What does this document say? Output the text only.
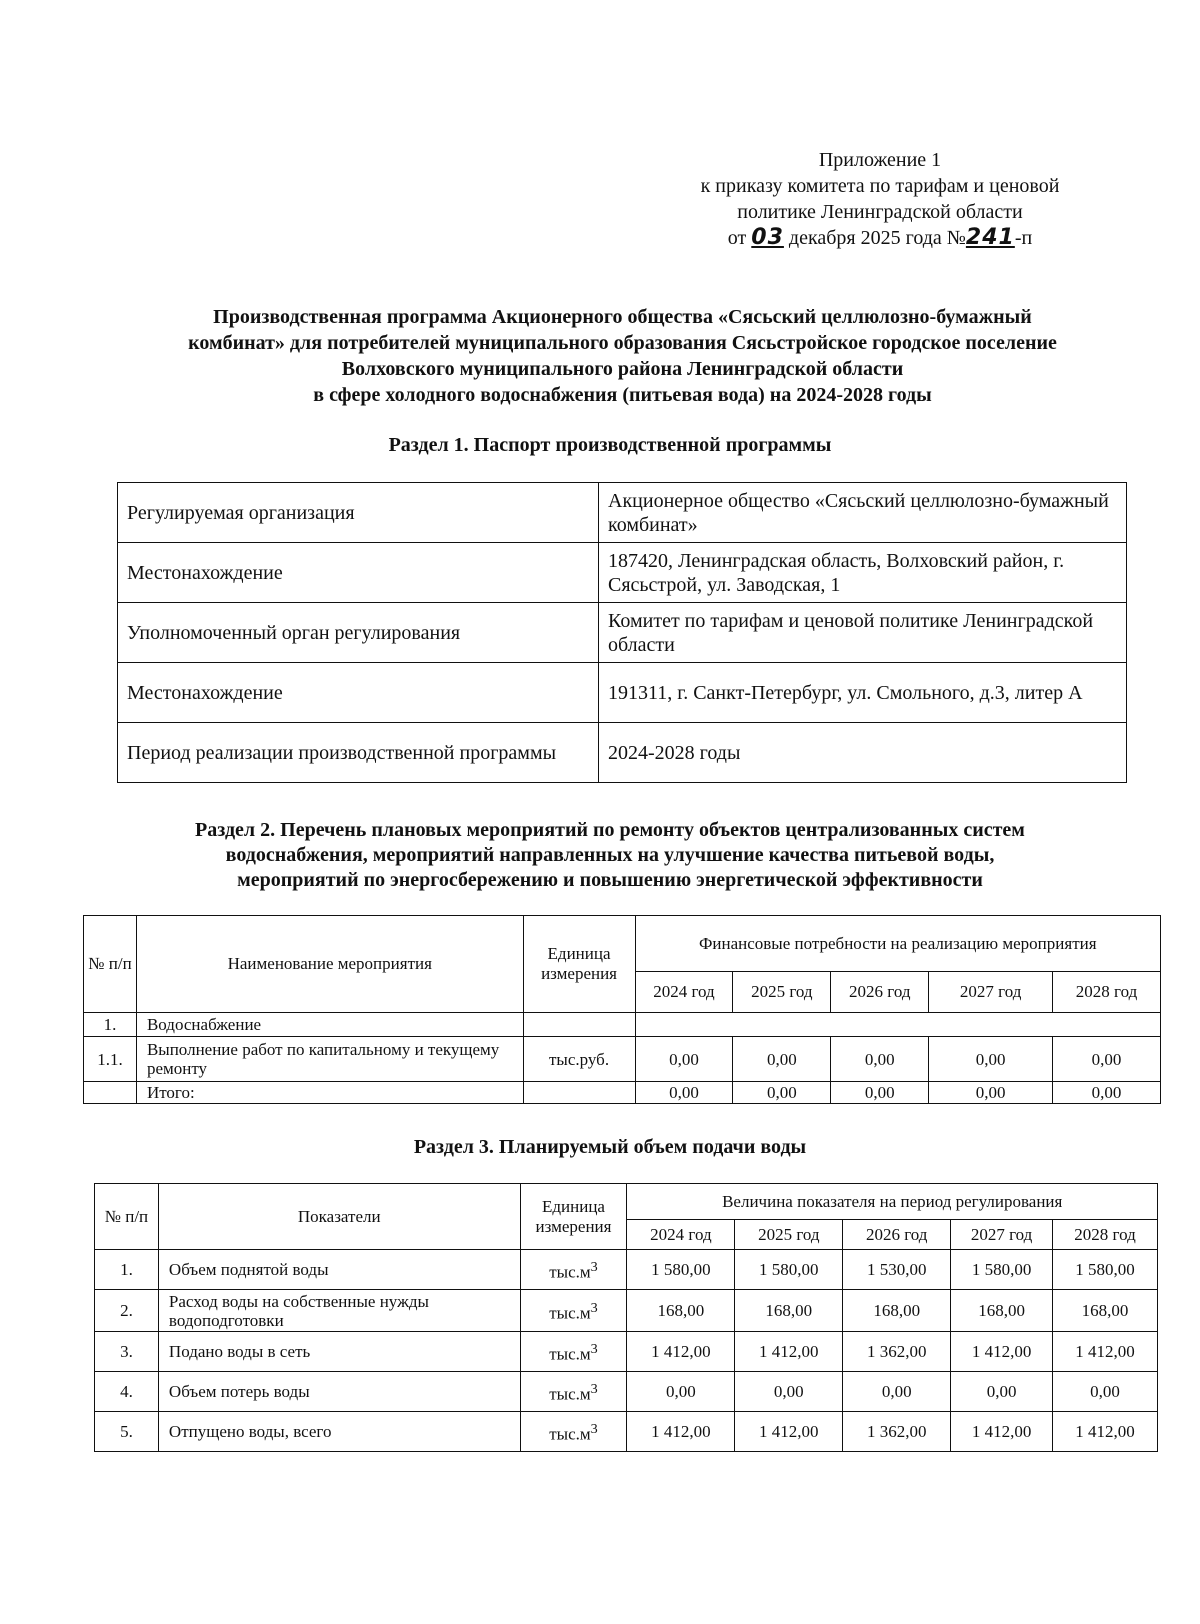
Приложение 1
к приказу комитета по тарифам и ценовой
политике Ленинградской области
от 03 декабря 2025 года №241-п
Производственная программа Акционерного общества «Сясьский целлюлозно-бумажный
комбинат» для потребителей муниципального образования Сясьстройское городское поселение
Волховского муниципального района Ленинградской области
в сфере холодного водоснабжения (питьевая вода) на 2024-2028 годы
Раздел 1. Паспорт производственной программы
Регулируемая организация	Акционерное общество «Сясьский целлюлозно-бумажный комбинат»
Местонахождение	187420, Ленинградская область, Волховский район, г. Сясьстрой, ул. Заводская, 1
Уполномоченный орган регулирования	Комитет по тарифам и ценовой политике Ленинградской области
Местонахождение	191311, г. Санкт-Петербург, ул. Смольного, д.3, литер А
Период реализации производственной программы	2024-2028 годы
Раздел 2. Перечень плановых мероприятий по ремонту объектов централизованных систем
водоснабжения, мероприятий направленных на улучшение качества питьевой воды,
мероприятий по энергосбережению и повышению энергетической эффективности
№ п/п	Наименование мероприятия	Единица измерения	Финансовые потребности на реализацию мероприятия				
			2024 год	2025 год	2026 год	2027 год	2028 год
1.	Водоснабжение						
1.1.	Выполнение работ по капитальному и текущему ремонту	тыс.руб.	0,00	0,00	0,00	0,00	0,00
	Итого:		0,00	0,00	0,00	0,00	0,00
Раздел 3. Планируемый объем подачи воды
№ п/п	Показатели	Единица измерения	Величина показателя на период регулирования				
			2024 год	2025 год	2026 год	2027 год	2028 год
1.	Объем поднятой воды	$тыс.м^3$	1 580,00	1 580,00	1 530,00	1 580,00	1 580,00
2.	Расход воды на собственные нужды водоподготовки	$тыс.м^3$	168,00	168,00	168,00	168,00	168,00
3.	Подано воды в сеть	$тыс.м^3$	1 412,00	1 412,00	1 362,00	1 412,00	1 412,00
4.	Объем потерь воды	$тыс.м^3$	0,00	0,00	0,00	0,00	0,00
5.	Отпущено воды, всего	$тыс.м^3$	1 412,00	1 412,00	1 362,00	1 412,00	1 412,00
